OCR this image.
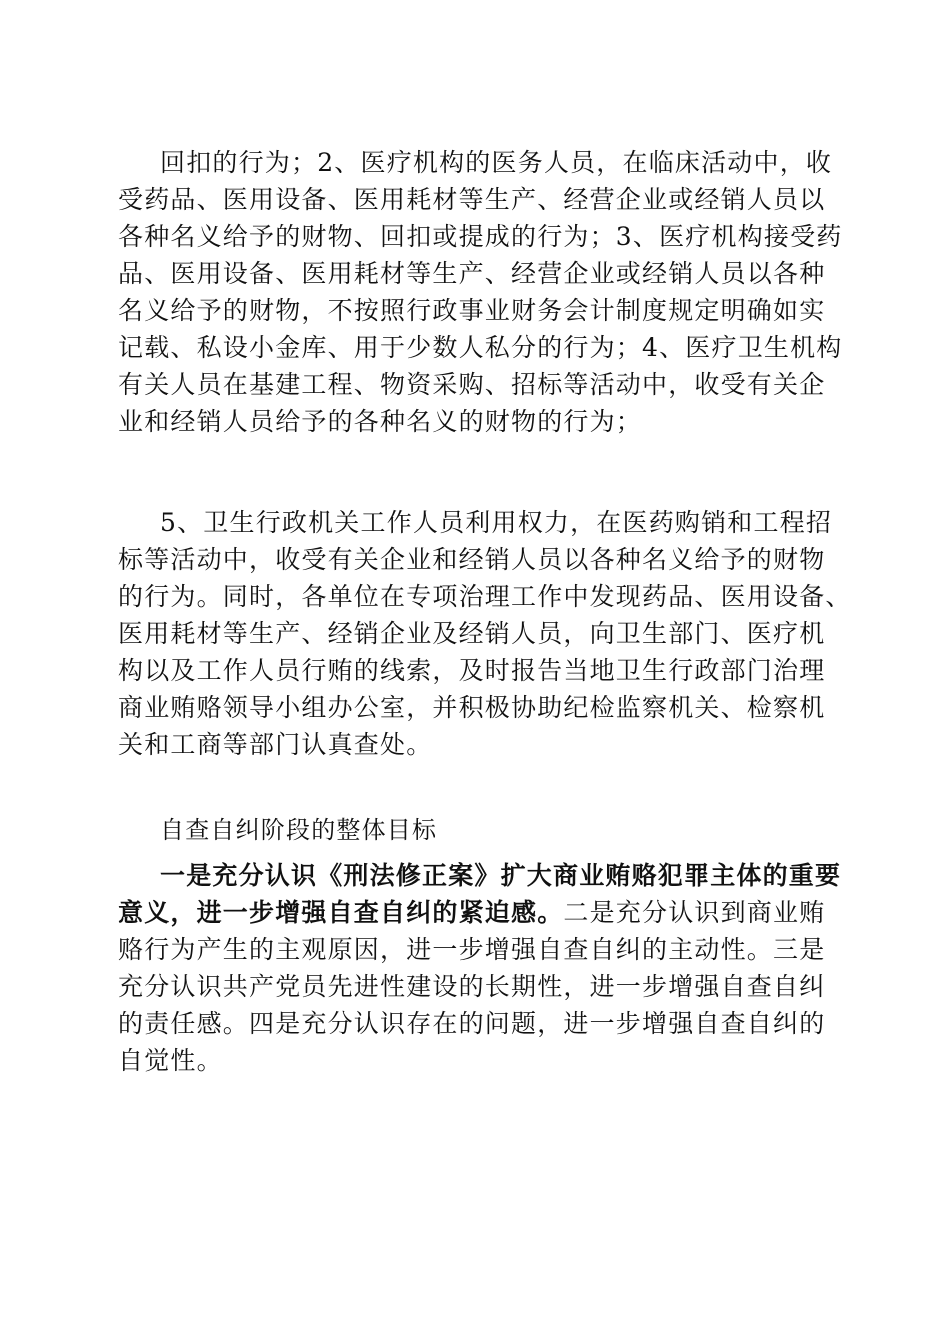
回扣的行为；2、医疗机构的医务人员，在临床活动中，收
受药品、医用设备、医用耗材等生产、经营企业或经销人员以
各种名义给予的财物、回扣或提成的行为；3、医疗机构接受药
品、医用设备、医用耗材等生产、经营企业或经销人员以各种
名义给予的财物，不按照行政事业财务会计制度规定明确如实
记载、私设小金库、用于少数人私分的行为；4、医疗卫生机构
有关人员在基建工程、物资采购、招标等活动中，收受有关企
业和经销人员给予的各种名义的财物的行为；
5、卫生行政机关工作人员利用权力，在医药购销和工程招
标等活动中，收受有关企业和经销人员以各种名义给予的财物
的行为。同时，各单位在专项治理工作中发现药品、医用设备、
医用耗材等生产、经销企业及经销人员，向卫生部门、医疗机
构以及工作人员行贿的线索，及时报告当地卫生行政部门治理
商业贿赂领导小组办公室，并积极协助纪检监察机关、检察机
关和工商等部门认真查处。
自查自纠阶段的整体目标
一是充分认识《刑法修正案》扩大商业贿赂犯罪主体的重要
意义，进一步增强自查自纠的紧迫感。二是充分认识到商业贿
赂行为产生的主观原因，进一步增强自查自纠的主动性。三是
充分认识共产党员先进性建设的长期性，进一步增强自查自纠
的责任感。四是充分认识存在的问题，进一步增强自查自纠的
自觉性。
